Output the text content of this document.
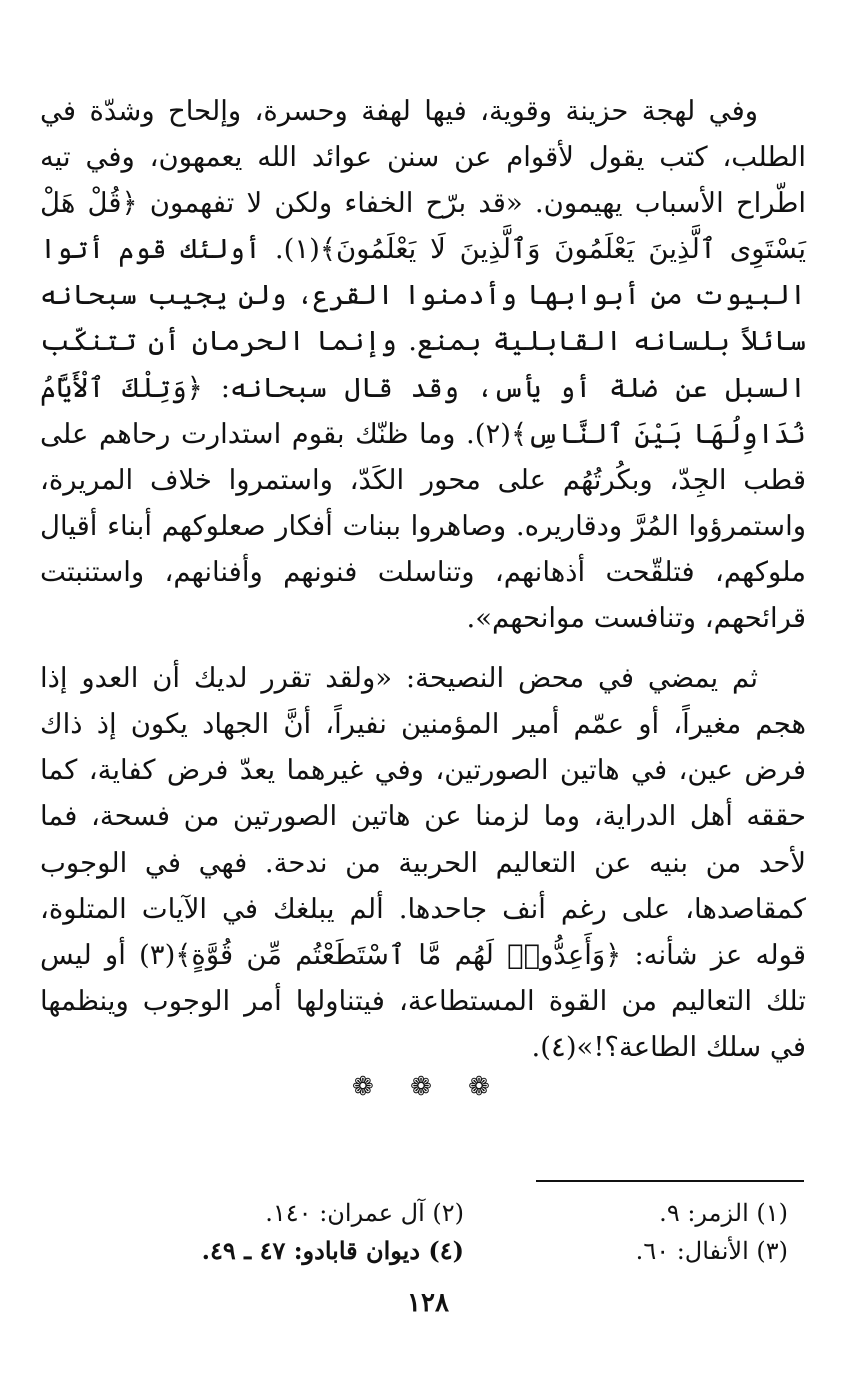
وفي لهجة حزينة وقوية، فيها لهفة وحسرة، وإلحاح وشدّة في الطلب، كتب يقول لأقوام عن سنن عوائد الله يعمهون، وفي تيه اطّراح الأسباب يهيمون. «قد برّح الخفاء ولكن لا تفهمون ﴿قُلْ هَلْ يَسْتَوِى ٱلَّذِينَ يَعْلَمُونَ وَٱلَّذِينَ لَا يَعْلَمُونَ﴾(١). أولئك قوم أتوا البيوت من أبوابها وأدمنوا القرع، ولن يجيب سبحانه سائلاً بلسانه القابلية بمنع. وإنما الحرمان أن تتنكّب السبل عن ضلة أو يأس، وقد قال سبحانه: ﴿وَتِلْكَ ٱلْأَيَّامُ نُدَاوِلُهَا بَيْنَ ٱلنَّاسِ﴾(٢). وما ظنّك بقوم استدارت رحاهم على قطب الجِدّ، وبكُرتُهُم على محور الكَدّ، واستمروا خلاف المريرة، واستمرؤوا المُرَّ ودقاريره. وصاهروا ببنات أفكار صعلوكهم أبناء أقيال ملوكهم، فتلقّحت أذهانهم، وتناسلت فنونهم وأفنانهم، واستنبتت قرائحهم، وتنافست موانحهم».

ثم يمضي في محض النصيحة: «ولقد تقرر لديك أن العدو إذا هجم مغيراً، أو عمّم أمير المؤمنين نفيراً، أنَّ الجهاد يكون إذ ذاك فرض عين، في هاتين الصورتين، وفي غيرهما يعدّ فرض كفاية، كما حققه أهل الدراية، وما لزمنا عن هاتين الصورتين من فسحة، فما لأحد من بنيه عن التعاليم الحربية من ندحة. فهي في الوجوب كمقاصدها، على رغم أنف جاحدها. ألم يبلغك في الآيات المتلوة، قوله عز شأنه: ﴿وَأَعِدُّوا۟ لَهُم مَّا ٱسْتَطَعْتُم مِّن قُوَّةٍ﴾(٣) أو ليس تلك التعاليم من القوة المستطاعة، فيتناولها أمر الوجوب وينظمها في سلك الطاعة؟!»(٤).

❁ ❁ ❁
(١) الزمر: ٩.
(٢) آل عمران: ١٤٠.
(٣) الأنفال: ٦٠.
(٤) ديوان قابادو: ٤٧ ـ ٤٩.
١٢٨
